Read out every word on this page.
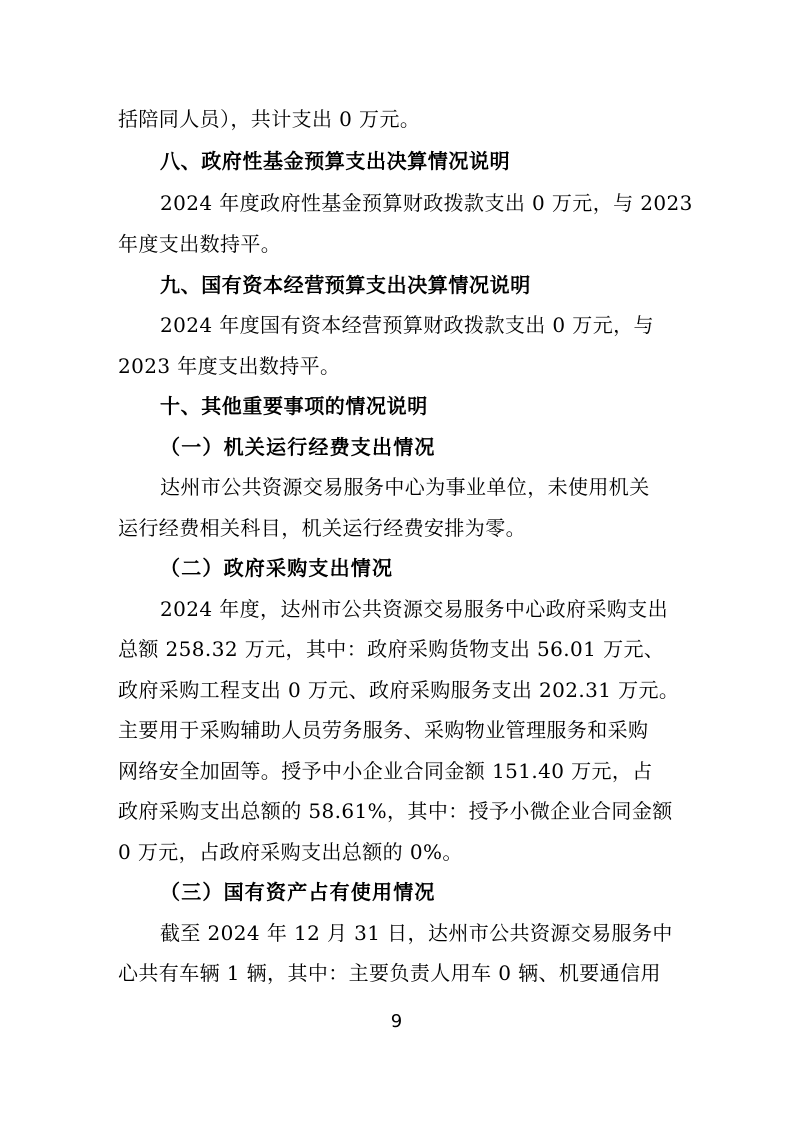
括陪同人员），共计支出 0 万元。
八、政府性基金预算支出决算情况说明
2024 年度政府性基金预算财政拨款支出 0 万元，与 2023
年度支出数持平。
九、国有资本经营预算支出决算情况说明
2024 年度国有资本经营预算财政拨款支出 0 万元，与
2023 年度支出数持平。
十、其他重要事项的情况说明
（一）机关运行经费支出情况
达州市公共资源交易服务中心为事业单位，未使用机关
运行经费相关科目，机关运行经费安排为零。
（二）政府采购支出情况
2024 年度，达州市公共资源交易服务中心政府采购支出
总额 258.32 万元，其中：政府采购货物支出 56.01 万元、
政府采购工程支出 0 万元、政府采购服务支出 202.31 万元。
主要用于采购辅助人员劳务服务、采购物业管理服务和采购
网络安全加固等。授予中小企业合同金额 151.40 万元，占
政府采购支出总额的 58.61%，其中：授予小微企业合同金额
0 万元，占政府采购支出总额的 0%。
（三）国有资产占有使用情况
截至 2024 年 12 月 31 日，达州市公共资源交易服务中
心共有车辆 1 辆，其中：主要负责人用车 0 辆、机要通信用
9
